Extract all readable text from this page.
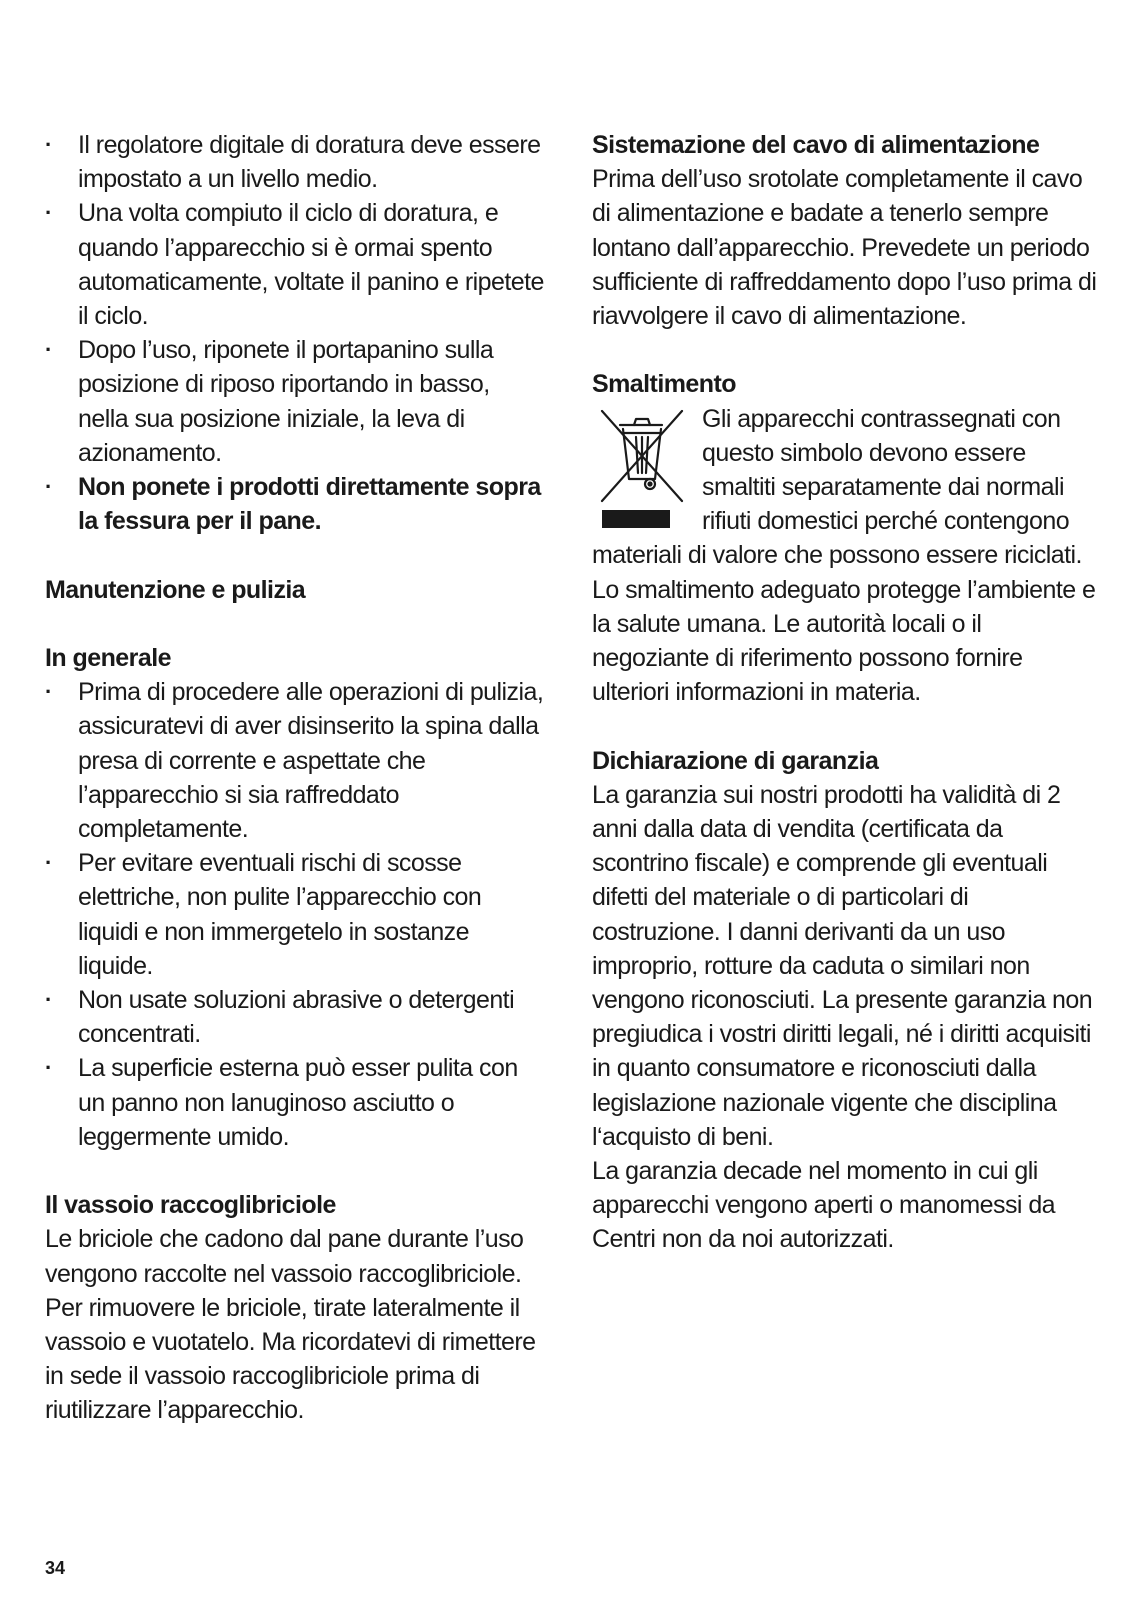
· Il regolatore digitale di doratura deve essere impostato a un livello medio.
· Una volta compiuto il ciclo di doratura, e quando l’apparecchio si è ormai spento automaticamente, voltate il panino e ripetete il ciclo.
· Dopo l’uso, riponete il portapanino sulla posizione di riposo riportando in basso, nella sua posizione iniziale, la leva di azionamento.
· Non ponete i prodotti direttamente sopra la fessura per il pane.
Manutenzione e pulizia
In generale
· Prima di procedere alle operazioni di pulizia, assicuratevi di aver disinserito la spina dalla presa di corrente e aspettate che l’apparecchio si sia raffreddato completamente.
· Per evitare eventuali rischi di scosse elettriche, non pulite l’apparecchio con liquidi e non immergetelo in sostanze liquide.
· Non usate soluzioni abrasive o detergenti concentrati.
· La superficie esterna può esser pulita con un panno non lanuginoso asciutto o leggermente umido.
Il vassoio raccoglibriciole

Le briciole che cadono dal pane durante l’uso vengono raccolte nel vassoio raccoglibriciole. Per rimuovere le briciole, tirate lateralmente il vassoio e vuotatelo. Ma ricordatevi di rimettere in sede il vassoio raccoglibriciole prima di riutilizzare l’apparecchio.

Sistemazione del cavo di alimentazione

Prima dell’uso srotolate completamente il cavo di alimentazione e badate a tenerlo sempre lontano dall’apparecchio. Prevedete un periodo sufficiente di raffreddamento dopo l’uso prima di riavvolgere il cavo di alimentazione.

Smaltimento

Gli apparecchi contrassegnati con questo simbolo devono essere smaltiti separatamente dai normali rifiuti domestici perché contengono materiali di valore che possono essere riciclati. Lo smaltimento adeguato protegge l’ambiente e la salute umana. Le autorità locali o il negoziante di riferimento possono fornire ulteriori informazioni in materia.

Dichiarazione di garanzia

La garanzia sui nostri prodotti ha validità di 2 anni dalla data di vendita (certificata da scontrino fiscale) e comprende gli eventuali difetti del materiale o di particolari di costruzione. I danni derivanti da un uso improprio, rotture da caduta o similari non vengono riconosciuti. La presente garanzia non pregiudica i vostri diritti legali, né i diritti acquisiti in quanto consumatore e riconosciuti dalla legislazione nazionale vigente che disciplina l‘acquisto di beni.

La garanzia decade nel momento in cui gli apparecchi vengono aperti o manomessi da Centri non da noi autorizzati.

34
